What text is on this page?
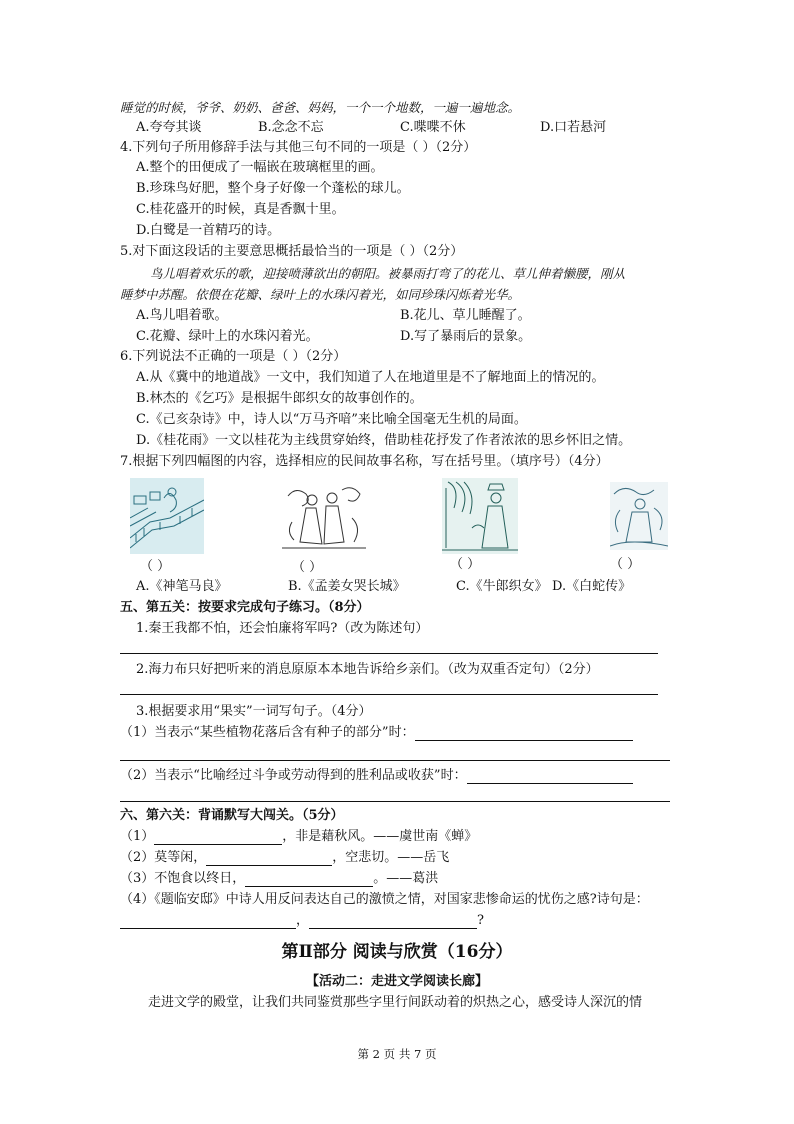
睡觉的时候，爷爷、奶奶、爸爸、妈妈，一个一个地数，一遍一遍地念。
A.夸夸其谈	B.念念不忘	C.喋喋不休	D.口若悬河
4.下列句子所用修辞手法与其他三句不同的一项是（ ）（2分）
A.整个的田便成了一幅嵌在玻璃框里的画。
B.珍珠鸟好肥，整个身子好像一个蓬松的球儿。
C.桂花盛开的时候，真是香飘十里。
D.白鹭是一首精巧的诗。
5.对下面这段话的主要意思概括最恰当的一项是（ ）（2分）
鸟儿唱着欢乐的歌，迎接喷薄欲出的朝阳。被暴雨打弯了的花儿、草儿伸着懒腰，刚从
睡梦中苏醒。依偎在花瓣、绿叶上的水珠闪着光，如同珍珠闪烁着光华。
A.鸟儿唱着歌。	B.花儿、草儿睡醒了。
C.花瓣、绿叶上的水珠闪着光。	D.写了暴雨后的景象。
6.下列说法不正确的一项是（ ）（2分）
A.从《冀中的地道战》一文中，我们知道了人在地道里是不了解地面上的情况的。
B.林杰的《乞巧》是根据牛郎织女的故事创作的。
C.《己亥杂诗》中，诗人以“万马齐喑”来比喻全国毫无生机的局面。
D.《桂花雨》一文以桂花为主线贯穿始终，借助桂花抒发了作者浓浓的思乡怀旧之情。
7.根据下列四幅图的内容，选择相应的民间故事名称，写在括号里。（填序号）（4分）
（ ）	（ ）	（ ）	（ ）
A.《神笔马良》	B.《孟姜女哭长城》	C.《牛郎织女》 D.《白蛇传》
五、第五关：按要求完成句子练习。（8分）
1.秦王我都不怕，还会怕廉将军吗?（改为陈述句）
2.海力布只好把听来的消息原原本本地告诉给乡亲们。（改为双重否定句）（2分）
3.根据要求用“果实”一词写句子。（4分）
（1）当表示“某些植物花落后含有种子的部分”时：
（2）当表示“比喻经过斗争或劳动得到的胜利品或收获”时：
六、第六关：背诵默写大闯关。（5分）
（1）	，非是藉秋风。——虞世南《蝉》
（2）莫等闲，	，空悲切。——岳飞
（3）不饱食以终日，	。——葛洪
（4）《题临安邸》中诗人用反问表达自己的激愤之情，对国家悲惨命运的忧伤之感?诗句是：
，	?
第Ⅱ部分 阅读与欣赏（16分）
【活动二：走进文学阅读长廊】
走进文学的殿堂，让我们共同鉴赏那些字里行间跃动着的炽热之心，感受诗人深沉的情
第 2 页 共 7 页
